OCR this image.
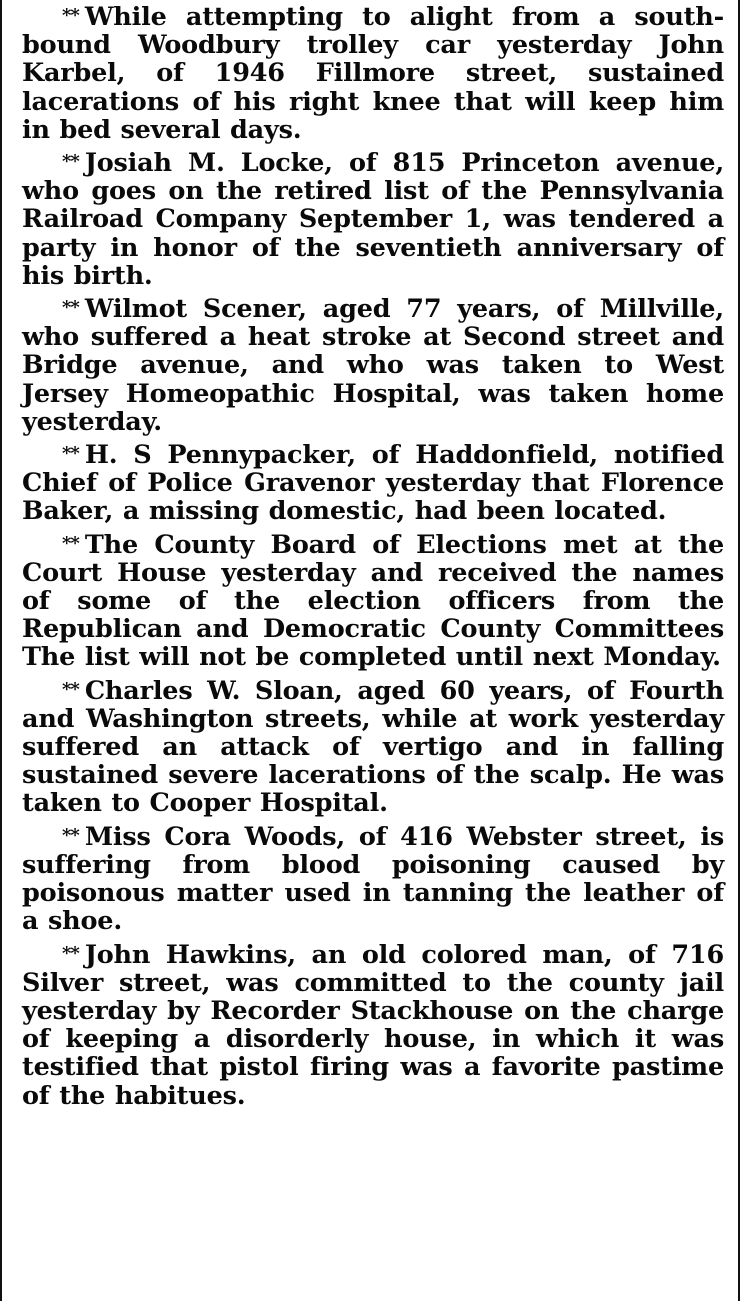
** While attempting to alight from a south-bound Woodbury trolley car yesterday John Karbel, of 1946 Fillmore street, sustained lacerations of his right knee that will keep him in bed several days.

** Josiah M. Locke, of 815 Princeton avenue, who goes on the retired list of the Pennsylvania Railroad Company September 1, was tendered a party in honor of the seventieth anniversary of his birth.

** Wilmot Scener, aged 77 years, of Millville, who suffered a heat stroke at Second street and Bridge avenue, and who was taken to West Jersey Homeopathic Hospital, was taken home yesterday.

** H. S Pennypacker, of Haddonfield, notified Chief of Police Gravenor yesterday that Florence Baker, a missing domestic, had been located.

** The County Board of Elections met at the Court House yesterday and received the names of some of the election officers from the Republican and Democratic County Committees The list will not be completed until next Monday.

** Charles W. Sloan, aged 60 years, of Fourth and Washington streets, while at work yesterday suffered an attack of vertigo and in falling sustained severe lacerations of the scalp. He was taken to Cooper Hospital.

** Miss Cora Woods, of 416 Webster street, is suffering from blood poisoning caused by poisonous matter used in tanning the leather of a shoe.

** John Hawkins, an old colored man, of 716 Silver street, was committed to the county jail yesterday by Recorder Stackhouse on the charge of keeping a disorderly house, in which it was testified that pistol firing was a favorite pastime of the habitues.
